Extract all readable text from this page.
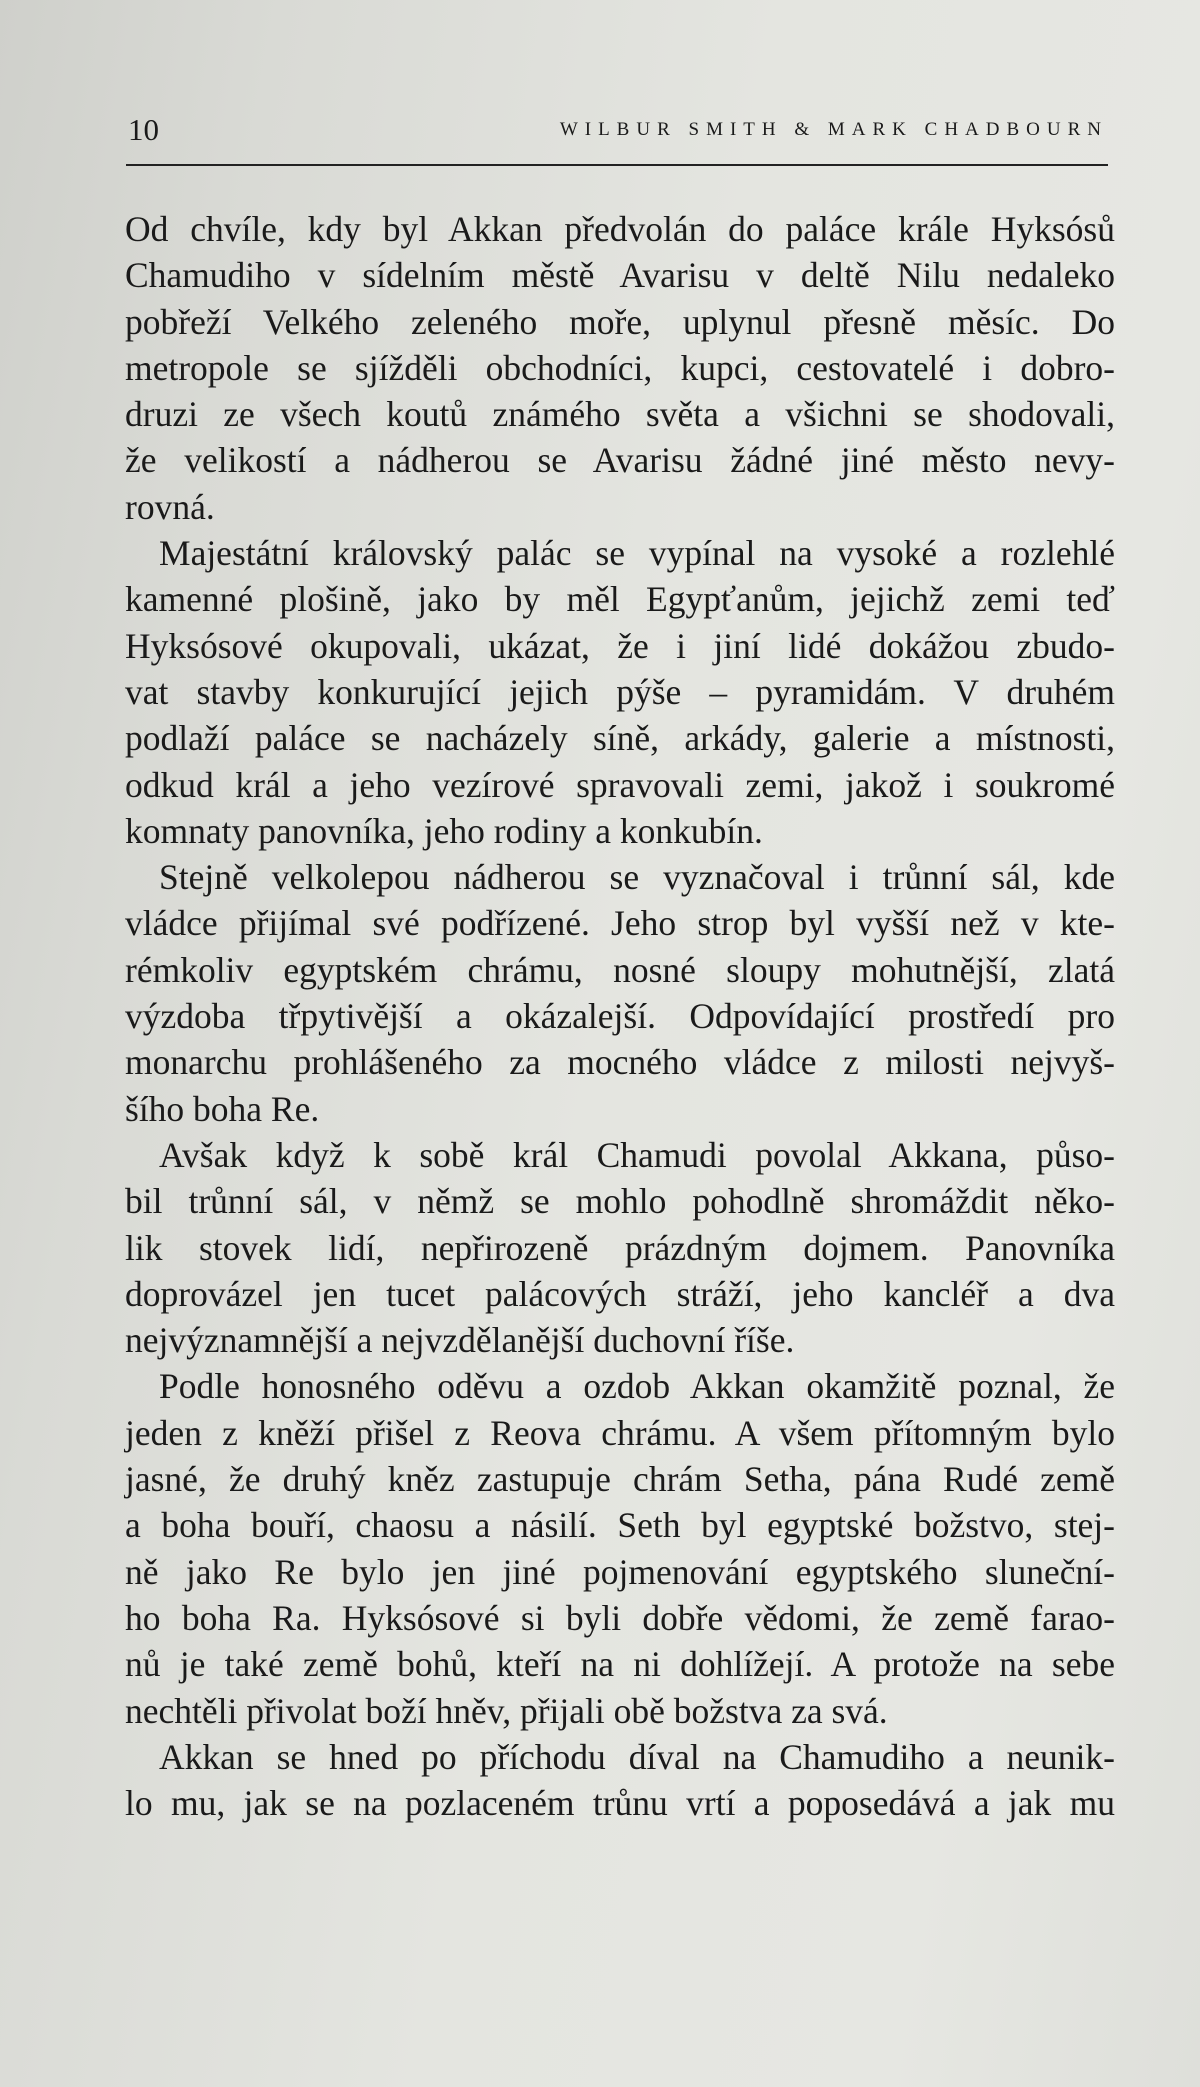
10	WILBUR SMITH & MARK CHADBOURN
Od chvíle, kdy byl Akkan předvolán do paláce krále Hyksósů
Chamudiho v sídelním městě Avarisu v deltě Nilu nedaleko
pobřeží Velkého zeleného moře, uplynul přesně měsíc. Do
metropole se sjížděli obchodníci, kupci, cestovatelé i dobro-
druzi ze všech koutů známého světa a všichni se shodovali,
že velikostí a nádherou se Avarisu žádné jiné město nevy-
rovná.
Majestátní královský palác se vypínal na vysoké a rozlehlé
kamenné plošině, jako by měl Egypťanům, jejichž zemi teď
Hyksósové okupovali, ukázat, že i jiní lidé dokážou zbudo-
vat stavby konkurující jejich pýše – pyramidám. V druhém
podlaží paláce se nacházely síně, arkády, galerie a místnosti,
odkud král a jeho vezírové spravovali zemi, jakož i soukromé
komnaty panovníka, jeho rodiny a konkubín.
Stejně velkolepou nádherou se vyznačoval i trůnní sál, kde
vládce přijímal své podřízené. Jeho strop byl vyšší než v kte-
rémkoliv egyptském chrámu, nosné sloupy mohutnější, zlatá
výzdoba třpytivější a okázalejší. Odpovídající prostředí pro
monarchu prohlášeného za mocného vládce z milosti nejvyš-
šího boha Re.
Avšak když k sobě král Chamudi povolal Akkana, půso-
bil trůnní sál, v němž se mohlo pohodlně shromáždit něko-
lik stovek lidí, nepřirozeně prázdným dojmem. Panovníka
doprovázel jen tucet palácových stráží, jeho kancléř a dva
nejvýznamnější a nejvzdělanější duchovní říše.
Podle honosného oděvu a ozdob Akkan okamžitě poznal, že
jeden z kněží přišel z Reova chrámu. A všem přítomným bylo
jasné, že druhý kněz zastupuje chrám Setha, pána Rudé země
a boha bouří, chaosu a násilí. Seth byl egyptské božstvo, stej-
ně jako Re bylo jen jiné pojmenování egyptského sluneční-
ho boha Ra. Hyksósové si byli dobře vědomi, že země farao-
nů je také země bohů, kteří na ni dohlížejí. A protože na sebe
nechtěli přivolat boží hněv, přijali obě božstva za svá.
Akkan se hned po příchodu díval na Chamudiho a neunik-
lo mu, jak se na pozlaceném trůnu vrtí a poposedává a jak mu
